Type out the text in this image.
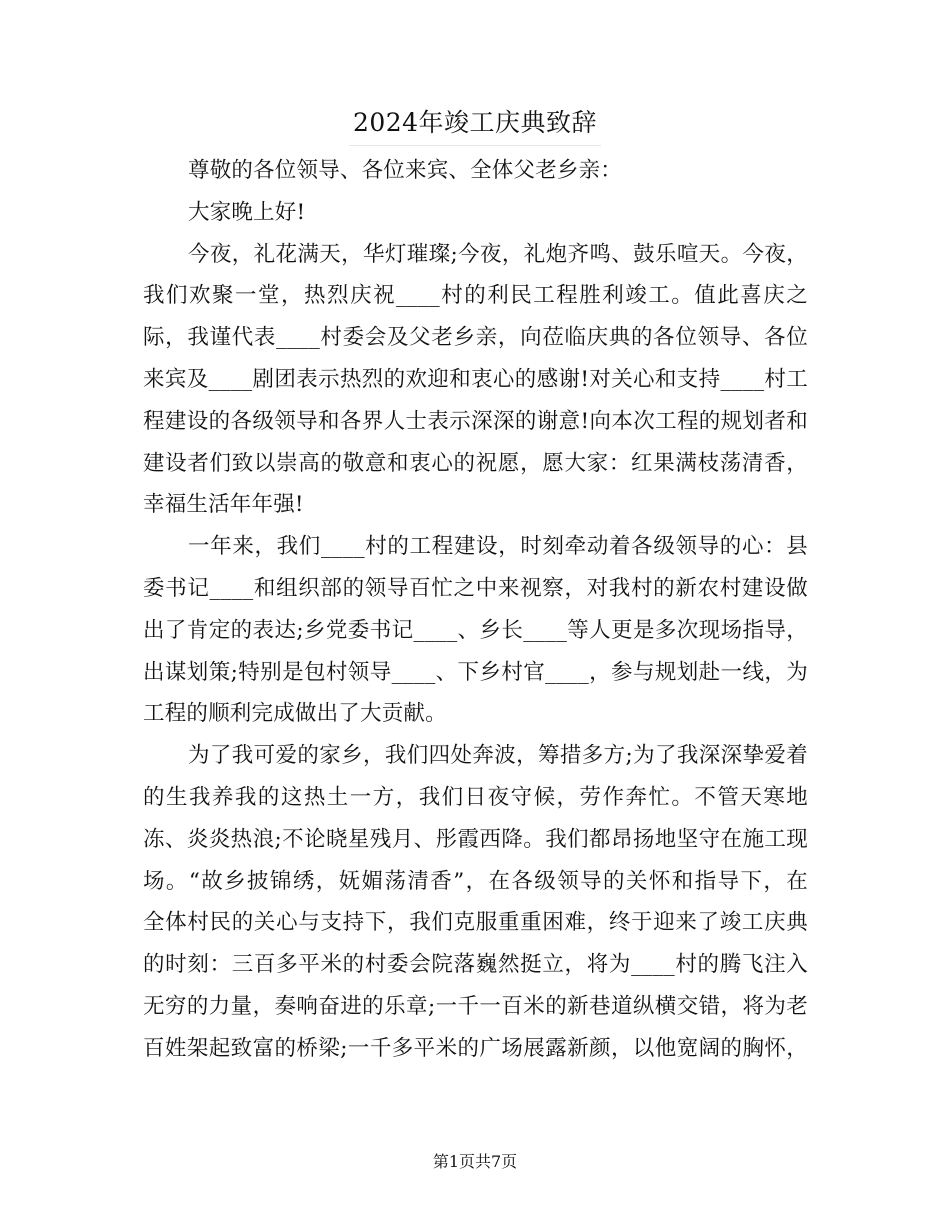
2024年竣工庆典致辞
尊敬的各位领导、各位来宾、全体父老乡亲：
大家晚上好!
今夜，礼花满天，华灯璀璨;今夜，礼炮齐鸣、鼓乐喧天。今夜，
我们欢聚一堂，热烈庆祝____村的利民工程胜利竣工。值此喜庆之
际，我谨代表____村委会及父老乡亲，向莅临庆典的各位领导、各位
来宾及____剧团表示热烈的欢迎和衷心的感谢!对关心和支持____村工
程建设的各级领导和各界人士表示深深的谢意!向本次工程的规划者和
建设者们致以崇高的敬意和衷心的祝愿，愿大家：红果满枝荡清香，
幸福生活年年强!
一年来，我们____村的工程建设，时刻牵动着各级领导的心：县
委书记____和组织部的领导百忙之中来视察，对我村的新农村建设做
出了肯定的表达;乡党委书记____、乡长____等人更是多次现场指导，
出谋划策;特别是包村领导____、下乡村官____，参与规划赴一线，为
工程的顺利完成做出了大贡献。
为了我可爱的家乡，我们四处奔波，筹措多方;为了我深深挚爱着
的生我养我的这热土一方，我们日夜守候，劳作奔忙。不管天寒地
冻、炎炎热浪;不论晓星残月、彤霞西降。我们都昂扬地坚守在施工现
场。“故乡披锦绣，妩媚荡清香”，在各级领导的关怀和指导下，在
全体村民的关心与支持下，我们克服重重困难，终于迎来了竣工庆典
的时刻：三百多平米的村委会院落巍然挺立，将为____村的腾飞注入
无穷的力量，奏响奋进的乐章;一千一百米的新巷道纵横交错，将为老
百姓架起致富的桥梁;一千多平米的广场展露新颜，以他宽阔的胸怀，
第1页共7页
